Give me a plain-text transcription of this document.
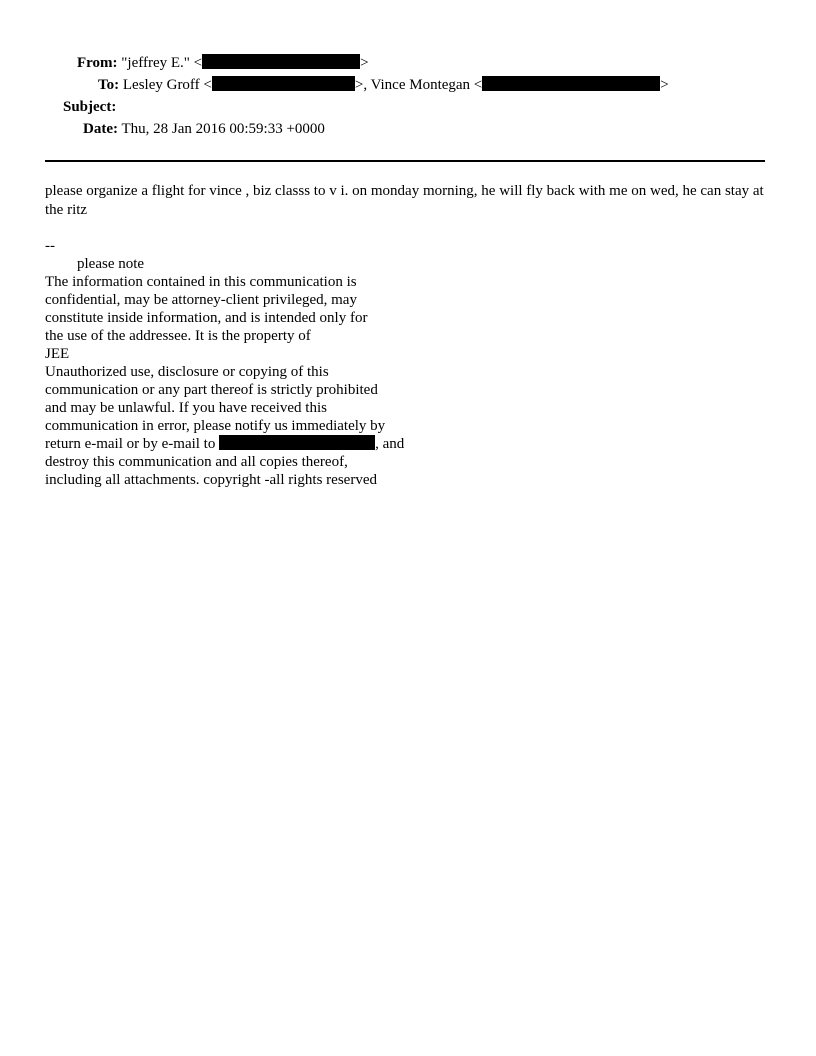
From: "jeffrey E." <	>
To: Lesley Groff <	>, Vince Montegan <	>
Subject:
Date: Thu, 28 Jan 2016 00:59:33 +0000
please organize a flight for vince , biz classs to v i. on monday morning, he will fly back with me on wed, he can stay at the ritz
--
please note
The information contained in this communication is
confidential, may be attorney-client privileged, may
constitute inside information, and is intended only for
the use of the addressee. It is the property of
JEE
Unauthorized use, disclosure or copying of this
communication or any part thereof is strictly prohibited
and may be unlawful. If you have received this
communication in error, please notify us immediately by
return e-mail or by e-mail to	, and
destroy this communication and all copies thereof,
including all attachments. copyright -all rights reserved
